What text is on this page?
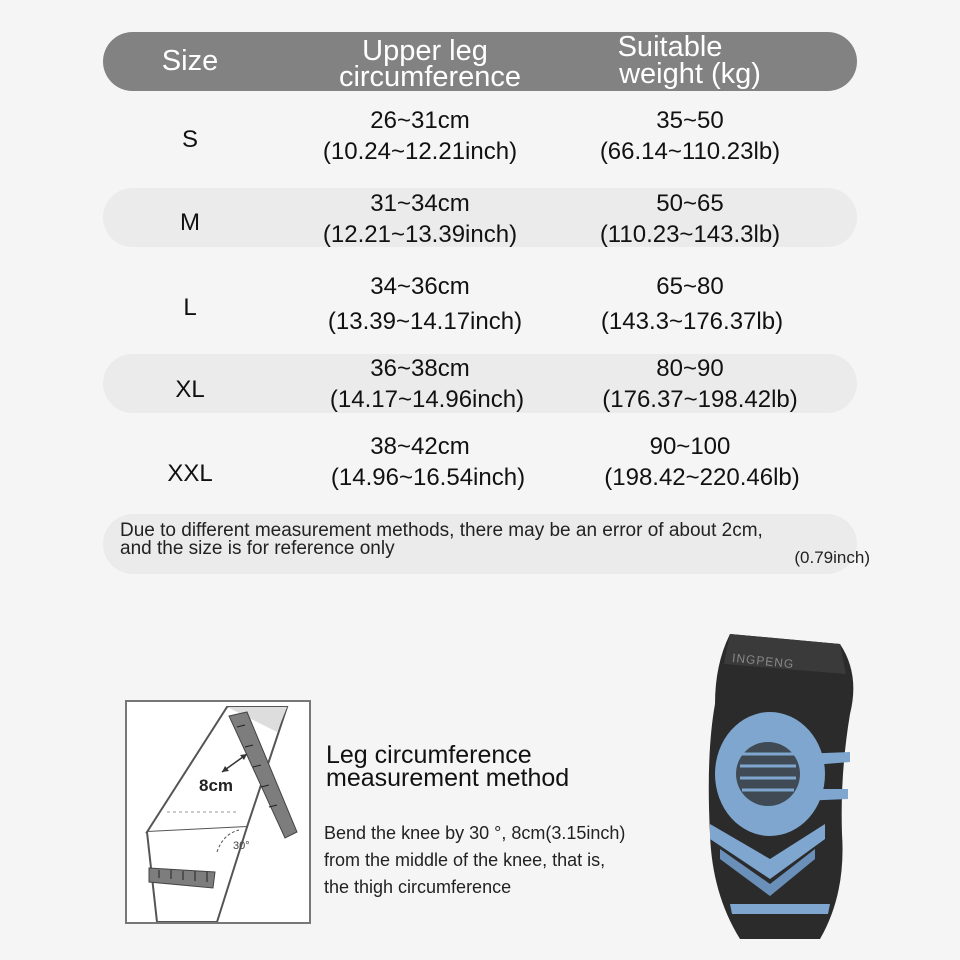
Size	Upper leg
circumference
Suitable
weight (kg)
S
26~31cm
(10.24~12.21inch)
35~50
(66.14~110.23lb)
M
31~34cm
(12.21~13.39inch)
50~65
(110.23~143.3lb)
L
34~36cm
(13.39~14.17inch)
65~80
(143.3~176.37lb)
XL
36~38cm
(14.17~14.96inch)
80~90
(176.37~198.42lb)
XXL
38~42cm
(14.96~16.54inch)
90~100
(198.42~220.46lb)
Due to different measurement methods, there may be an error of about 2cm,
and the size is for reference only	(0.79inch)
8cm
30°
Leg circumference
measurement method
Bend the knee by 30 °, 8cm(3.15inch)
from the middle of the knee, that is,
the thigh circumference
INGPENG
